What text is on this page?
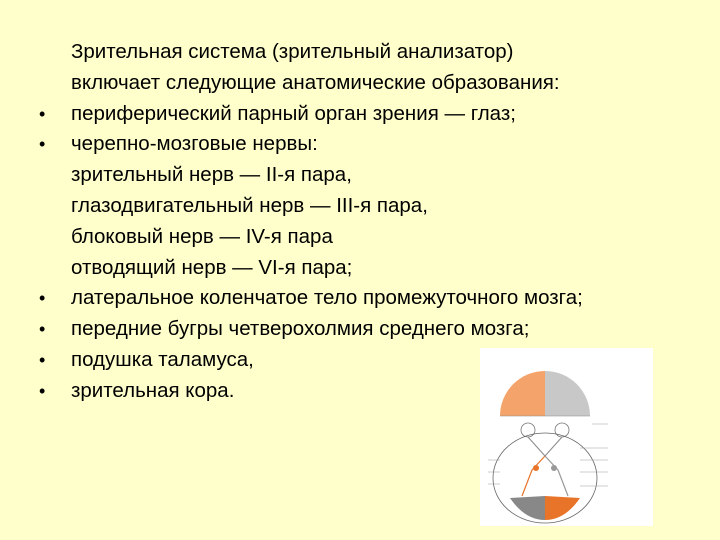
Зрительная система (зрительный анализатор)
включает следующие анатомические образования:
• периферический парный орган зрения — глаз;
• черепно-мозговые нервы:
зрительный нерв — II-я пара,
глазодвигательный нерв — III-я пара,
блоковый нерв — IV-я пара
отводящий нерв — VI-я пара;
• латеральное коленчатое тело промежуточного мозга;
• передние бугры четверохолмия среднего мозга;
• подушка таламуса,
• зрительная кора.
